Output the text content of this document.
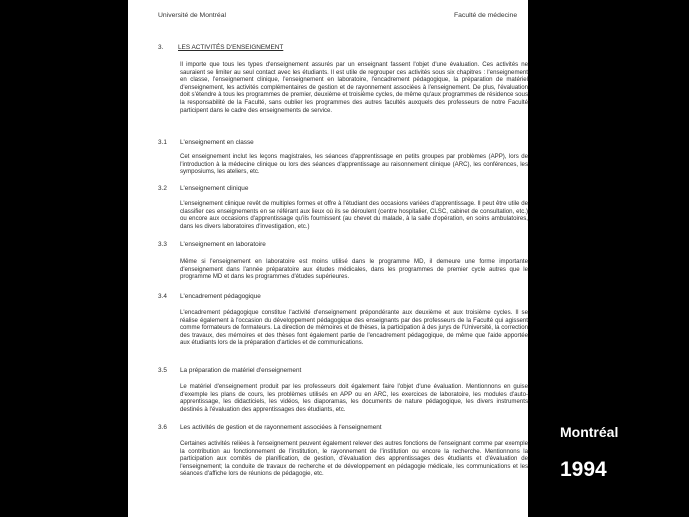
Université de Montréal	Faculté de médecine
3.	LES ACTIVITÉS D'ENSEIGNEMENT
Il importe que tous les types d'enseignement assurés par un enseignant fassent l'objet d'une évaluation. Ces activités ne sauraient se limiter au seul contact avec les étudiants. Il est utile de regrouper ces activités sous six chapitres : l'enseignement en classe, l'enseignement clinique, l'enseignement en laboratoire, l'encadrement pédagogique, la préparation de matériel d'enseignement, les activités complémentaires de gestion et de rayonnement associées à l'enseignement. De plus, l'évaluation doit s'étendre à tous les programmes de premier, deuxième et troisième cycles, de même qu'aux programmes de résidence sous la responsabilité de la Faculté, sans oublier les programmes des autres facultés auxquels des professeurs de notre Faculté participent dans le cadre des enseignements de service.
3.1	L'enseignement en classe
Cet enseignement inclut les leçons magistrales, les séances d'apprentissage en petits groupes par problèmes (APP), lors de l'introduction à la médecine clinique ou lors des séances d'apprentissage au raisonnement clinique (ARC), les conférences, les symposiums, les ateliers, etc.
3.2	L'enseignement clinique
L'enseignement clinique revêt de multiples formes et offre à l'étudiant des occasions variées d'apprentissage. Il peut être utile de classifier ces enseignements en se référant aux lieux où ils se déroulent (centre hospitalier, CLSC, cabinet de consultation, etc.) ou encore aux occasions d'apprentissage qu'ils fournissent (au chevet du malade, à la salle d'opération, en soins ambulatoires, dans les divers laboratoires d'investigation, etc.)
3.3	L'enseignement en laboratoire
Même si l'enseignement en laboratoire est moins utilisé dans le programme MD, il demeure une forme importante d'enseignement dans l'année préparatoire aux études médicales, dans les programmes de premier cycle autres que le programme MD et dans les programmes d'études supérieures.
3.4	L'encadrement pédagogique
L'encadrement pédagogique constitue l'activité d'enseignement prépondérante aux deuxième et aux troisième cycles. Il se réalise également à l'occasion du développement pédagogique des enseignants par des professeurs de la Faculté qui agissent comme formateurs de formateurs. La direction de mémoires et de thèses, la participation à des jurys de l'Université, la correction des travaux, des mémoires et des thèses font également partie de l'encadrement pédagogique, de même que l'aide apportée aux étudiants lors de la préparation d'articles et de communications.
3.5	La préparation de matériel d'enseignement
Le matériel d'enseignement produit par les professeurs doit également faire l'objet d'une évaluation. Mentionnons en guise d'exemple les plans de cours, les problèmes utilisés en APP ou en ARC, les exercices de laboratoire, les modules d'auto-apprentissage, les didacticiels, les vidéos, les diaporamas, les documents de nature pédagogique, les divers instruments destinés à l'évaluation des apprentissages des étudiants, etc.
3.6	Les activités de gestion et de rayonnement associées à l'enseignement
Certaines activités reliées à l'enseignement peuvent également relever des autres fonctions de l'enseignant comme par exemple la contribution au fonctionnement de l'institution, le rayonnement de l'institution ou encore la recherche. Mentionnons la participation aux comités de planification, de gestion, d'évaluation des apprentissages des étudiants et d'évaluation de l'enseignement; la conduite de travaux de recherche et de développement en pédagogie médicale, les communications et les séances d'affiche lors de réunions de pédagogie, etc.
Montréal
1994
